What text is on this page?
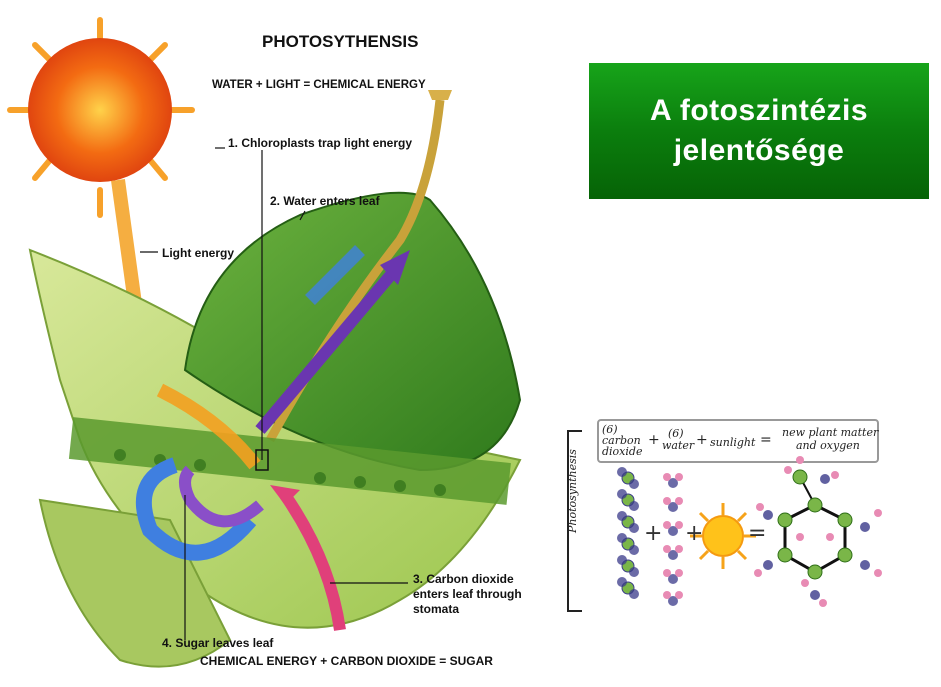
PHOTOSYTHENSIS
WATER + LIGHT = CHEMICAL ENERGY
1. Chloroplasts trap light energy
2. Water enters leaf
Light energy
3. Carbon dioxide enters leaf through stomata
4. Sugar leaves leaf
CHEMICAL ENERGY + CARBON DIOXIDE = SUGAR
A fotoszintézis
jelentősége
(6)
carbon
dioxide
+ (6)
water + sunlight = new plant matter
and oxygen
Photosynthesis
+ + =
